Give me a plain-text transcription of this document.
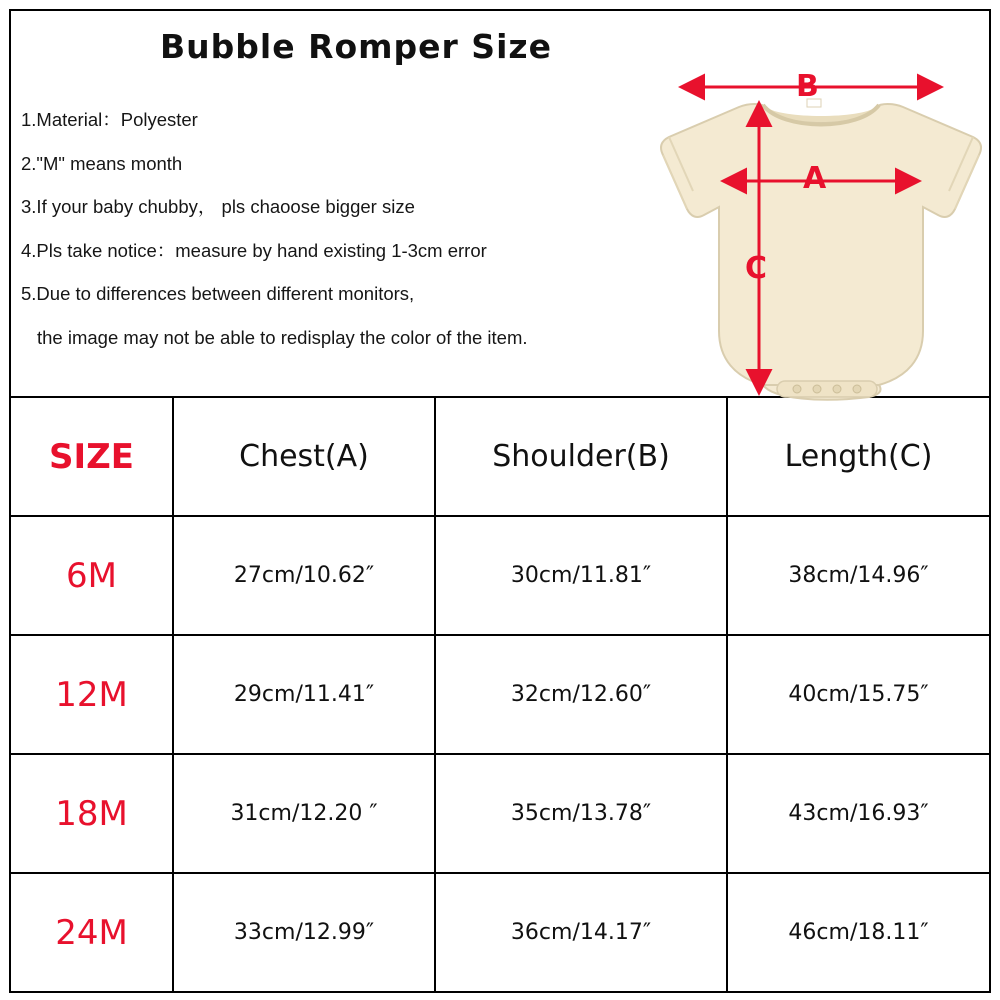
Bubble Romper Size
1.Material：Polyester
2."M" means month
3.If your baby chubby， pls chaoose bigger size
4.Pls take notice：measure by hand existing 1-3cm error
5.Due to differences between different monitors,
the image may not be able to redisplay the color of the item.
B
A
C
SIZE	Chest(A)	Shoulder(B)	Length(C)
6M	27cm/10.62″	30cm/11.81″	38cm/14.96″
12M	29cm/11.41″	32cm/12.60″	40cm/15.75″
18M	31cm/12.20 ″	35cm/13.78″	43cm/16.93″
24M	33cm/12.99″	36cm/14.17″	46cm/18.11″
